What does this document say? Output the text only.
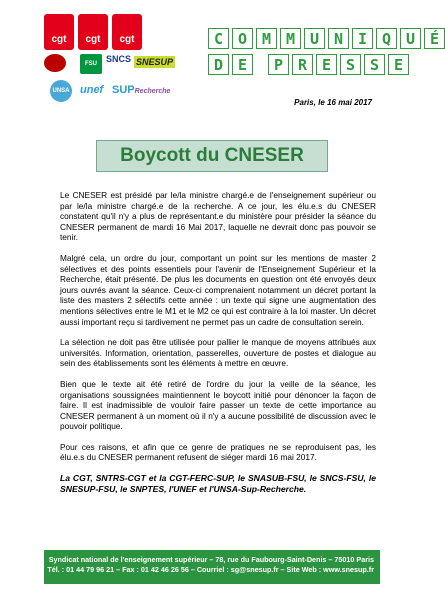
cgt	cgt	cgt
FSU	SNCS SNESUP
UNSA unef SUPRecherche
C O M M U N I Q U É
D E	P R E S S E
Paris, le 16 mai 2017
Boycott du CNESER

Le CNESER est présidé par le/la ministre chargé.e de l'enseignement supérieur ou par le/la ministre chargé.e de la recherche. A ce jour, les élu.e.s du CNESER constatent qu'il n'y a plus de représentant.e du ministère pour présider la séance du CNESER permanent de mardi 16 Mai 2017, laquelle ne devrait donc pas pouvoir se tenir.

Malgré cela, un ordre du jour, comportant un point sur les mentions de master 2 sélectives et des points essentiels pour l'avenir de l'Enseignement Supérieur et la Recherche, était présenté. De plus les documents en question ont été envoyés deux jours ouvrés avant la séance. Ceux-ci comprenaient notamment un décret portant la liste des masters 2 sélectifs cette année : un texte qui signe une augmentation des mentions sélectives entre le M1 et le M2 ce qui est contraire à la loi master. Un décret aussi important reçu si tardivement ne permet pas un cadre de consultation serein.

La sélection ne doit pas être utilisée pour pallier le manque de moyens attribués aux universités. Information, orientation, passerelles, ouverture de postes et dialogue au sein des établissements sont les éléments à mettre en œuvre.

Bien que le texte ait été retiré de l'ordre du jour la veille de la séance, les organisations soussignées maintiennent le boycott initié pour dénoncer la façon de faire. Il est inadmissible de vouloir faire passer un texte de cette importance au CNESER permanent à un moment où il n'y a aucune possibilité de discussion avec le pouvoir politique.

Pour ces raisons, et afin que ce genre de pratiques ne se reproduisent pas, les élu.e.s du CNESER permanent refusent de siéger mardi 16 mai 2017.

La CGT, SNTRS-CGT et la CGT-FERC-SUP, le SNASUB-FSU, le SNCS-FSU, le SNESUP-FSU, le SNPTES, l'UNEF et l'UNSA-Sup-Recherche.

Syndicat national de l'enseignement supérieur – 78, rue du Faubourg-Saint-Denis – 75010 Paris
Tél. : 01 44 79 96 21 – Fax : 01 42 46 26 56 – Courriel : sg@snesup.fr – Site Web : www.snesup.fr
